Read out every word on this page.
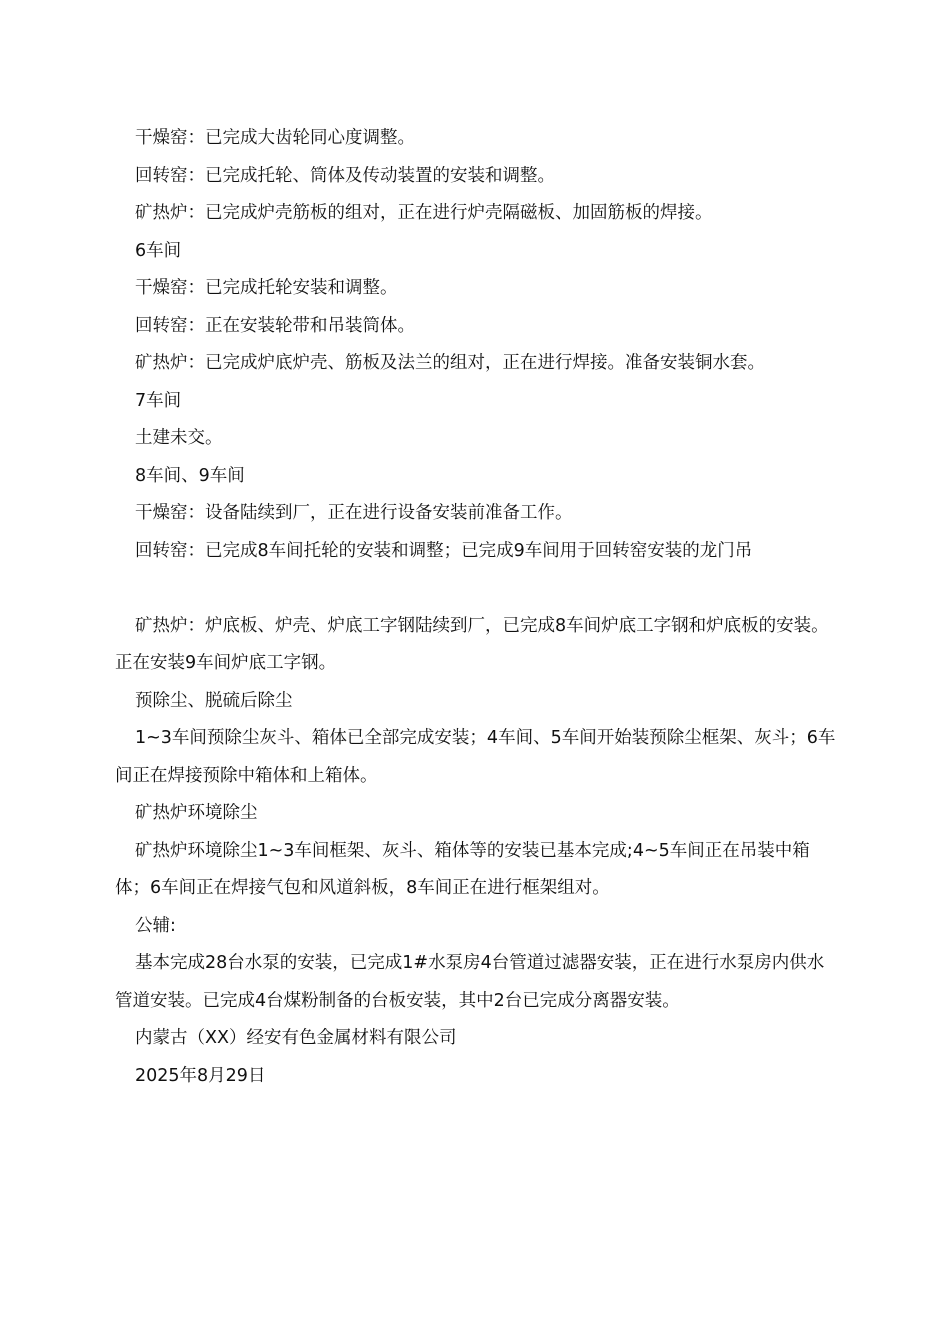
干燥窑：已完成大齿轮同心度调整。

回转窑：已完成托轮、筒体及传动装置的安装和调整。

矿热炉：已完成炉壳筋板的组对，正在进行炉壳隔磁板、加固筋板的焊接。

6车间

干燥窑：已完成托轮安装和调整。

回转窑：正在安装轮带和吊装筒体。

矿热炉：已完成炉底炉壳、筋板及法兰的组对，正在进行焊接。准备安装铜水套。

7车间

土建未交。

8车间、9车间

干燥窑：设备陆续到厂，正在进行设备安装前准备工作。

回转窑：已完成8车间托轮的安装和调整；已完成9车间用于回转窑安装的龙门吊

矿热炉：炉底板、炉壳、炉底工字钢陆续到厂，已完成8车间炉底工字钢和炉底板的安装。正在安装9车间炉底工字钢。

预除尘、脱硫后除尘

1~3车间预除尘灰斗、箱体已全部完成安装；4车间、5车间开始装预除尘框架、灰斗；6车间正在焊接预除中箱体和上箱体。

矿热炉环境除尘

矿热炉环境除尘1~3车间框架、灰斗、箱体等的安装已基本完成;4~5车间正在吊装中箱体；6车间正在焊接气包和风道斜板，8车间正在进行框架组对。

公辅:

基本完成28台水泵的安装，已完成1#水泵房4台管道过滤器安装，正在进行水泵房内供水管道安装。已完成4台煤粉制备的台板安装，其中2台已完成分离器安装。

内蒙古（XX）经安有色金属材料有限公司

2025年8月29日
